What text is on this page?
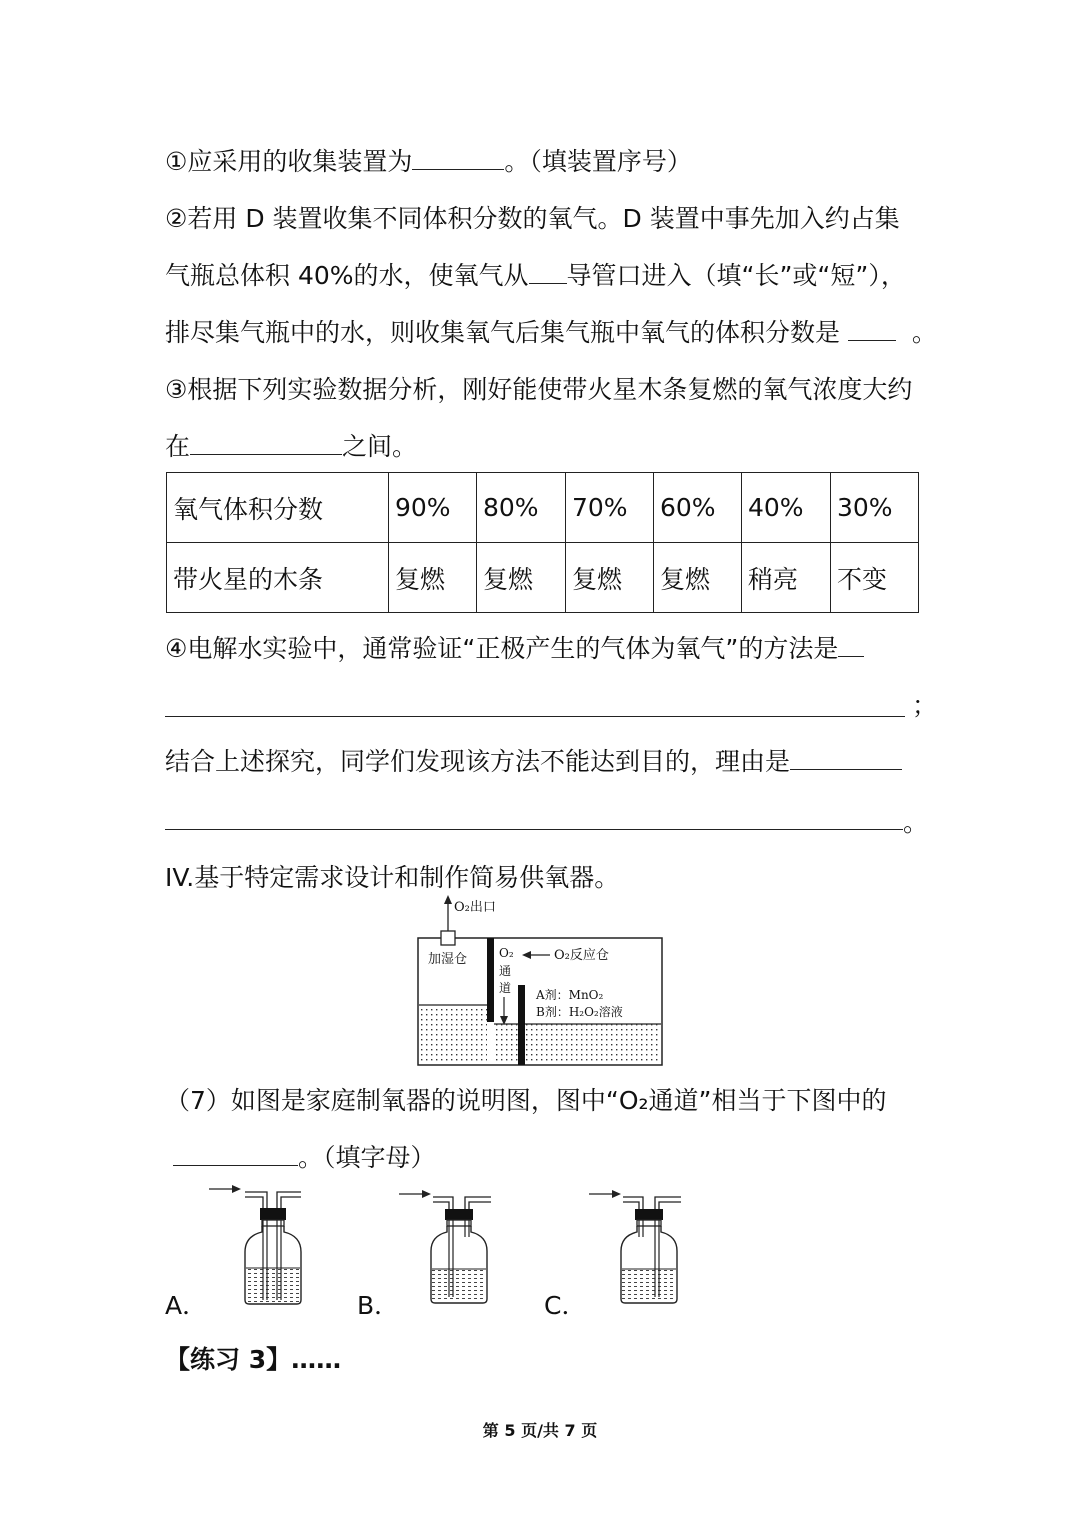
①应采用的收集装置为	。（填装置序号）
②若用 D 装置收集不同体积分数的氧气。D 装置中事先加入约占集
气瓶总体积 40%的水，使氧气从 导管口进入（填“长”或“短”），
排尽集气瓶中的水，则收集氧气后集气瓶中氧气的体积分数是	。
③根据下列实验数据分析，刚好能使带火星木条复燃的氧气浓度大约
在	之间。
氧气体积分数	90%	80%	70%	60%	40%	30%
带火星的木条	复燃	复燃	复燃	复燃	稍亮	不变
④电解水实验中，通常验证“正极产生的气体为氧气”的方法是
；
结合上述探究，同学们发现该方法不能达到目的，理由是
。
IV.基于特定需求设计和制作简易供氧器。
O₂出口
加湿仓	O₂
通
道
O₂反应仓
A剂：MnO₂
B剂：H₂O₂溶液
（7）如图是家庭制氧器的说明图，图中“O₂通道”相当于下图中的
。（填字母）
A．	B．	C．
【练习 3】……
第 5 页/共 7 页
